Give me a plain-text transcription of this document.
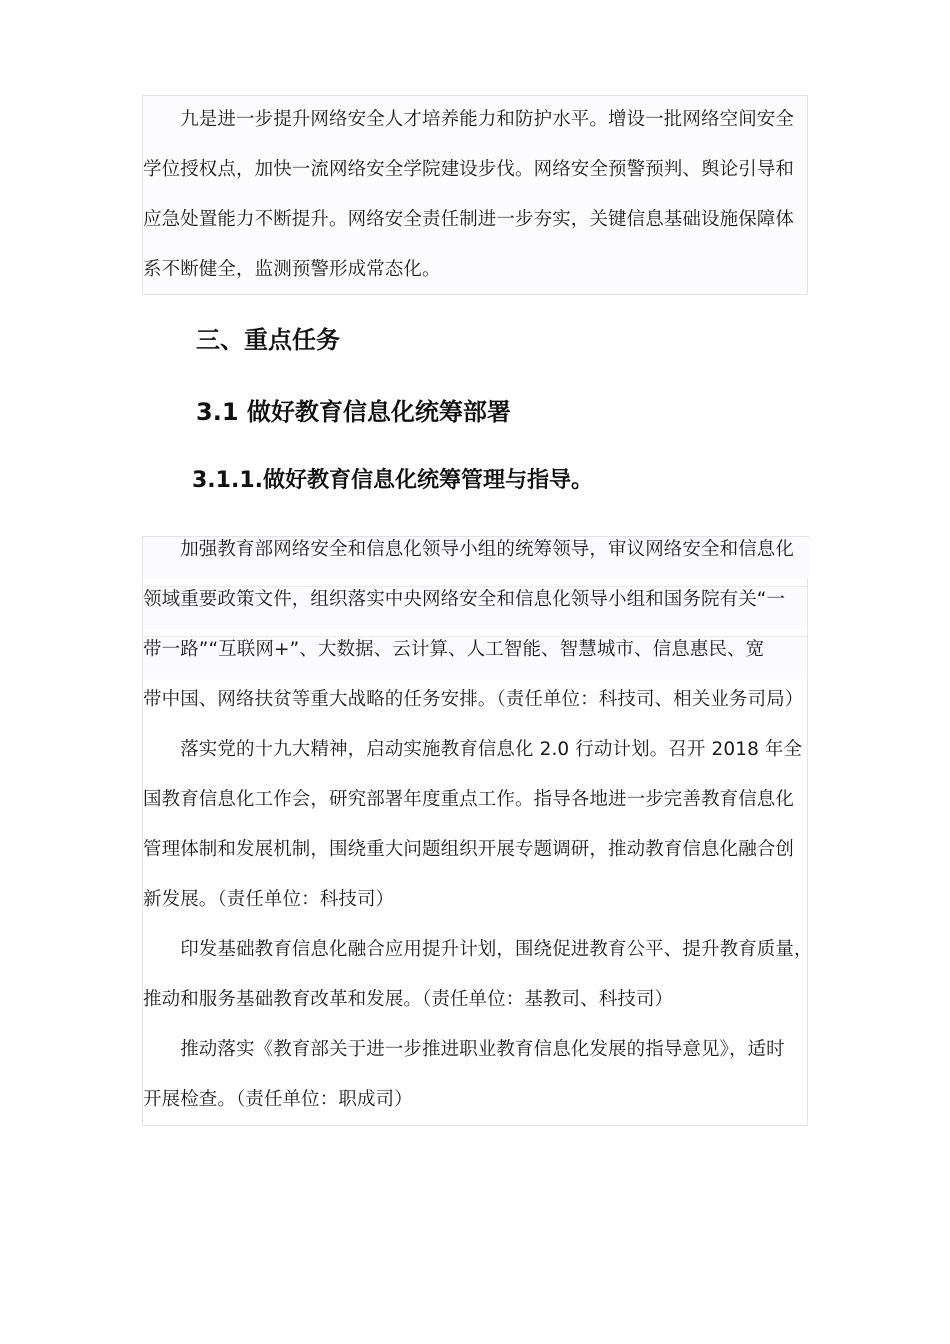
　　九是进一步提升网络安全人才培养能力和防护水平。增设一批网络空间安全
学位授权点，加快一流网络安全学院建设步伐。网络安全预警预判、舆论引导和
应急处置能力不断提升。网络安全责任制进一步夯实，关键信息基础设施保障体
系不断健全，监测预警形成常态化。
三、重点任务
3.1 做好教育信息化统筹部署
3.1.1.做好教育信息化统筹管理与指导。
　　加强教育部网络安全和信息化领导小组的统筹领导，审议网络安全和信息化
领域重要政策文件，组织落实中央网络安全和信息化领导小组和国务院有关“一
带一路”“互联网+”、大数据、云计算、人工智能、智慧城市、信息惠民、宽
带中国、网络扶贫等重大战略的任务安排。（责任单位：科技司、相关业务司局）
　　落实党的十九大精神，启动实施教育信息化 2.0 行动计划。召开 2018 年全
国教育信息化工作会，研究部署年度重点工作。指导各地进一步完善教育信息化
管理体制和发展机制，围绕重大问题组织开展专题调研，推动教育信息化融合创
新发展。（责任单位：科技司）
　　印发基础教育信息化融合应用提升计划，围绕促进教育公平、提升教育质量，
推动和服务基础教育改革和发展。（责任单位：基教司、科技司）
　　推动落实《教育部关于进一步推进职业教育信息化发展的指导意见》，适时
开展检查。（责任单位：职成司）
